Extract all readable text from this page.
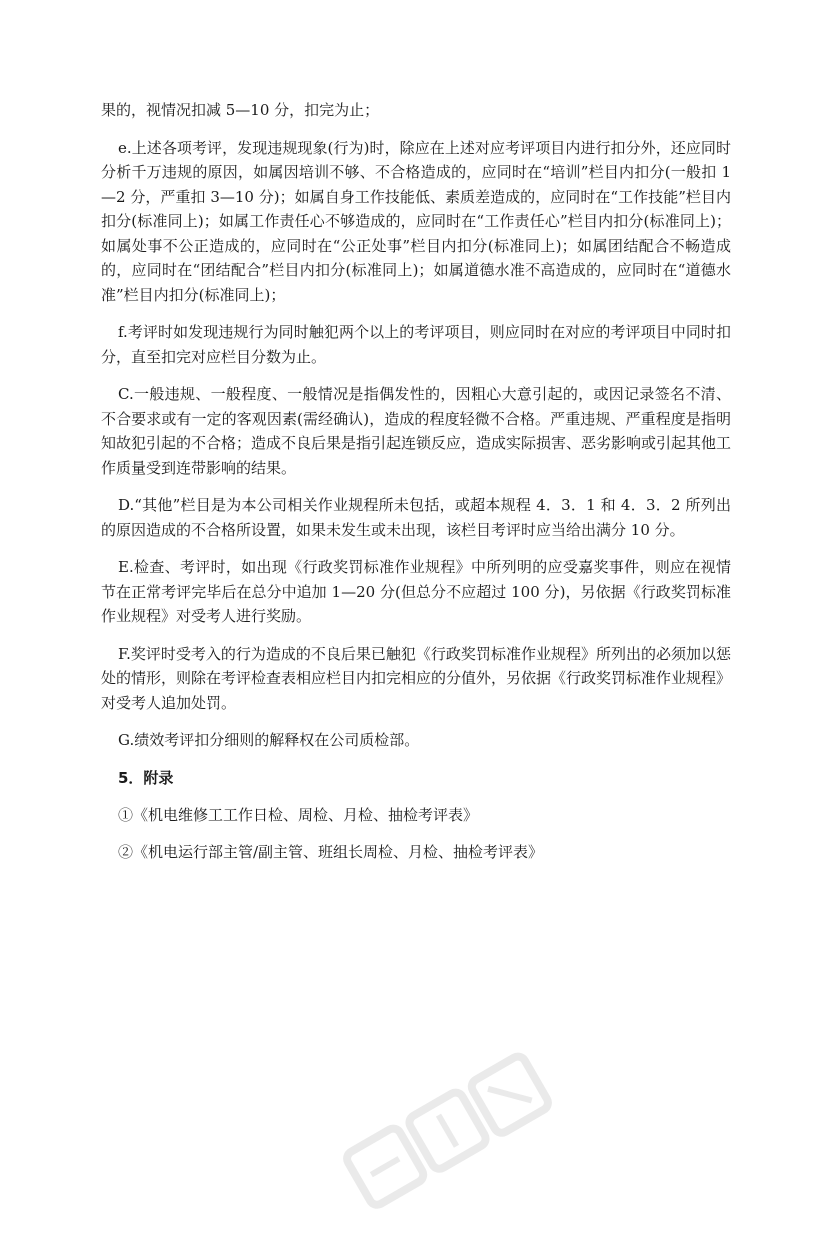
果的，视情况扣减 5—10 分，扣完为止；

e.上述各项考评，发现违规现象(行为)时，除应在上述对应考评项目内进行扣分外，还应同时分析千万违规的原因，如属因培训不够、不合格造成的，应同时在“培训”栏目内扣分(一般扣 1—2 分，严重扣 3—10 分)；如属自身工作技能低、素质差造成的，应同时在“工作技能”栏目内扣分(标准同上)；如属工作责任心不够造成的，应同时在“工作责任心”栏目内扣分(标准同上)；如属处事不公正造成的，应同时在“公正处事”栏目内扣分(标准同上)；如属团结配合不畅造成的，应同时在“团结配合”栏目内扣分(标准同上)；如属道德水准不高造成的，应同时在“道德水准”栏目内扣分(标准同上)；

f.考评时如发现违规行为同时触犯两个以上的考评项目，则应同时在对应的考评项目中同时扣分，直至扣完对应栏目分数为止。

C.一般违规、一般程度、一般情况是指偶发性的，因粗心大意引起的，或因记录签名不清、不合要求或有一定的客观因素(需经确认)，造成的程度轻微不合格。严重违规、严重程度是指明知故犯引起的不合格；造成不良后果是指引起连锁反应，造成实际损害、恶劣影响或引起其他工作质量受到连带影响的结果。

D.“其他”栏目是为本公司相关作业规程所未包括，或超本规程 4．3．1 和 4．3．2 所列出的原因造成的不合格所设置，如果未发生或未出现，该栏目考评时应当给出满分 10 分。

E.检查、考评时，如出现《行政奖罚标准作业规程》中所列明的应受嘉奖事件，则应在视情节在正常考评完毕后在总分中追加 1—20 分(但总分不应超过 100 分)，另依据《行政奖罚标准作业规程》对受考人进行奖励。

F.奖评时受考入的行为造成的不良后果已触犯《行政奖罚标准作业规程》所列出的必须加以惩处的情形，则除在考评检查表相应栏目内扣完相应的分值外，另依据《行政奖罚标准作业规程》对受考人追加处罚。

G.绩效考评扣分细则的解释权在公司质检部。

5．附录
①《机电维修工工作日检、周检、月检、抽检考评表》
②《机电运行部主管/副主管、班组长周检、月检、抽检考评表》
